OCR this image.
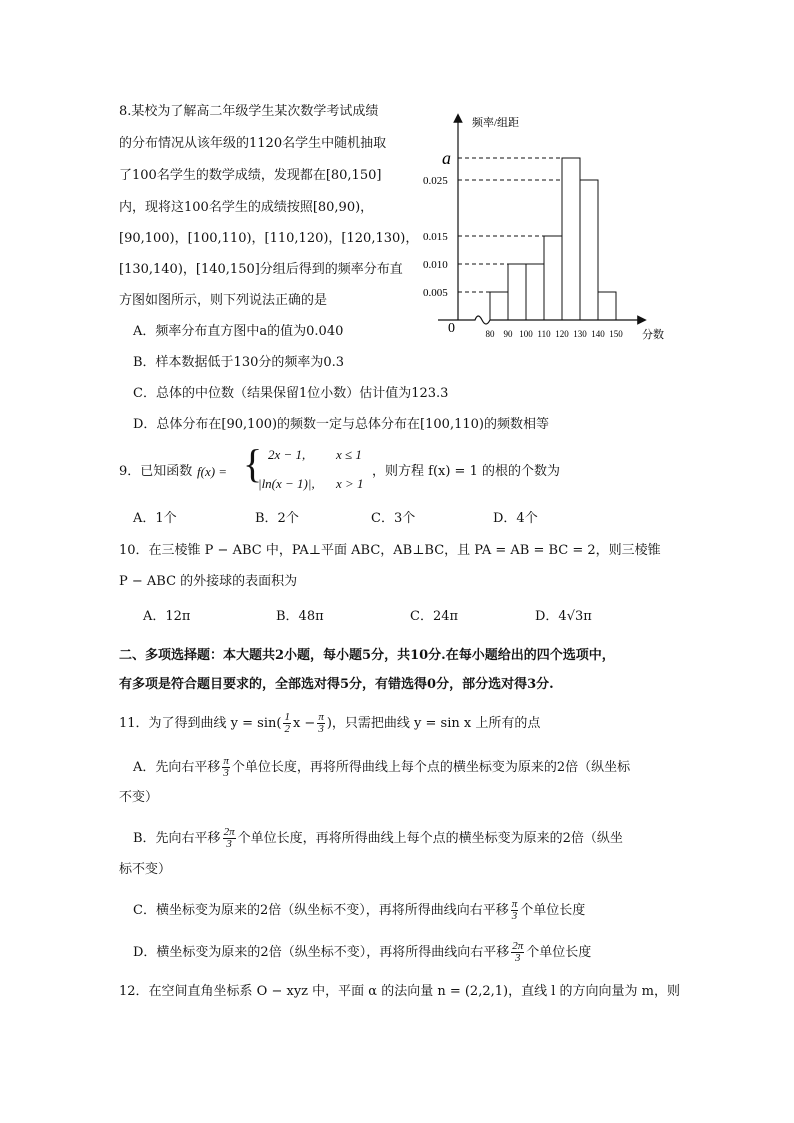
8.某校为了解高二年级学生某次数学考试成绩
的分布情况从该年级的1120名学生中随机抽取
了100名学生的数学成绩，发现都在[80,150]
内，现将这100名学生的成绩按照[80,90)，
[90,100)，[100,110)，[110,120)，[120,130)，
[130,140)，[140,150]分组后得到的频率分布直
方图如图所示，则下列说法正确的是
A．频率分布直方图中a的值为0.040
B．样本数据低于130分的频率为0.3
C．总体的中位数（结果保留1位小数）估计值为123.3
D．总体分布在[90,100)的频数一定与总体分布在[100,110)的频数相等
频率/组距
分数
0
a
0.025
0.015
0.010
0.005
80 90 100 110 120 130 140 150
9．已知函数 f(x) = { 2x − 1, x ≤ 1
|ln(x − 1)|, x > 1
，则方程 f(x) = 1 的根的个数为
A．1个	B．2个	C．3个	D．4个
10．在三棱锥 P − ABC 中，PA⊥平面 ABC，AB⊥BC，且 PA = AB = BC = 2，则三棱锥
P − ABC 的外接球的表面积为
A．12π	B．48π	C．24π	D．4√3π
二、多项选择题：本大题共2小题，每小题5分，共10分.在每小题给出的四个选项中，
有多项是符合题目要求的，全部选对得5分，有错选得0分，部分选对得3分.
11．为了得到曲线 $y = \sin( \frac{1}{2}$ $x - \frac{\pi}{3}$ )，只需把曲线 y = sin x 上所有的点
A．先向右平移 $\frac{\pi}{3}$ 个单位长度，再将所得曲线上每个点的横坐标变为原来的2倍（纵坐标
不变）
B．先向右平移 $\frac{2\pi}{3}$ 个单位长度，再将所得曲线上每个点的横坐标变为原来的2倍（纵坐
标不变）
C．横坐标变为原来的2倍（纵坐标不变），再将所得曲线向右平移 $\frac{\pi}{3}$ 个单位长度
D．横坐标变为原来的2倍（纵坐标不变），再将所得曲线向右平移 $\frac{2\pi}{3}$ 个单位长度
12．在空间直角坐标系 O − xyz 中，平面 α 的法向量 n = (2,2,1)，直线 l 的方向向量为 m，则
